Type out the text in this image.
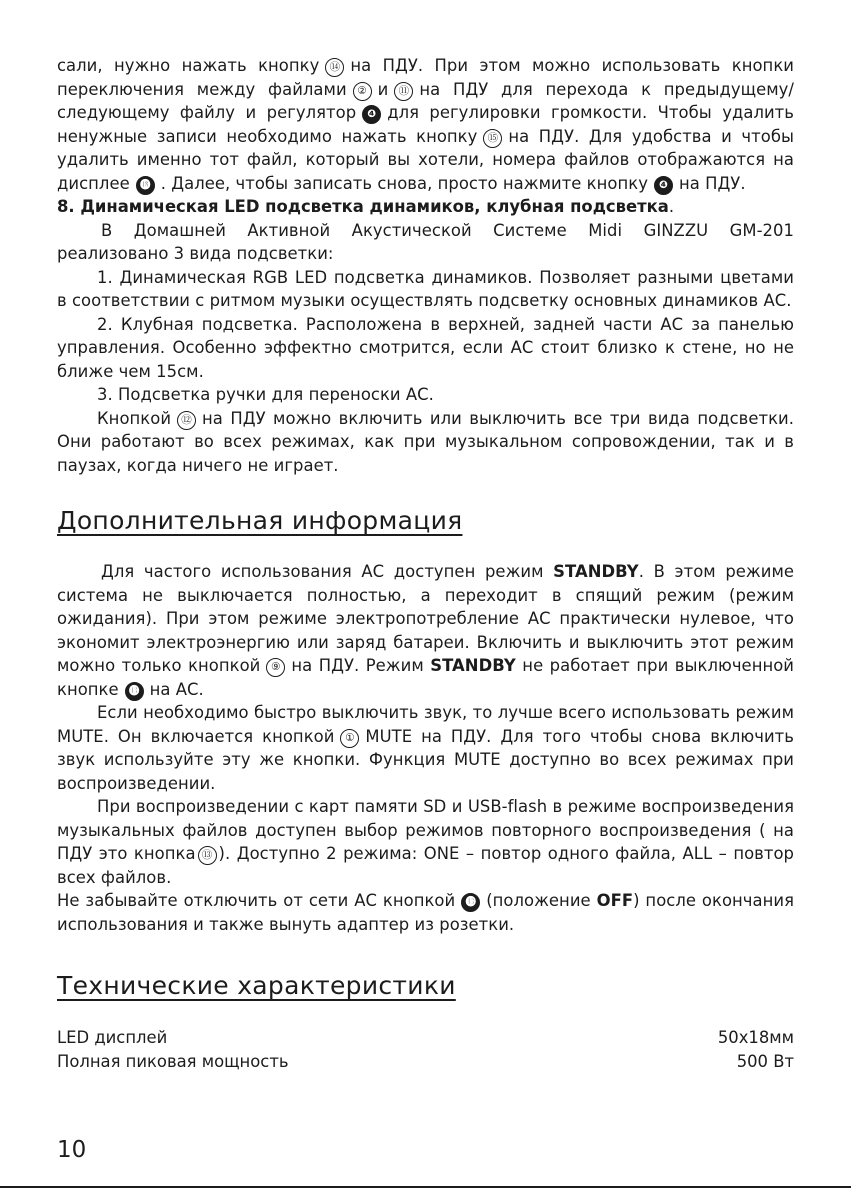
сали, нужно нажать кнопку ⑭ на ПДУ. При этом можно использовать кнопки переключения между файлами ② и ⑪ на ПДУ для перехода к предыдущему/ следующему файлу и регулятор ❹ для регулировки громкости. Чтобы удалить ненужные записи необходимо нажать кнопку ⑮ на ПДУ. Для удобства и чтобы удалить именно тот файл, который вы хотели, номера файлов отображаются на дисплее ⓲ . Далее, чтобы записать снова, просто нажмите кнопку ❹ на ПДУ.

8. Динамическая LED подсветка динамиков, клубная подсветка.

В Домашней Активной Акустической Системе Midi GINZZU GM-201 реализовано 3 вида подсветки:

1. Динамическая RGB LED подсветка динамиков. Позволяет разными цветами в соответствии с ритмом музыки осуществлять подсветку основных динамиков АС.

2. Клубная подсветка. Расположена в верхней, задней части АС за панелью управления. Особенно эффектно смотрится, если АС стоит близко к стене, но не ближе чем 15см.

3. Подсветка ручки для переноски АС.

Кнопкой ⑫ на ПДУ можно включить или выключить все три вида подсветки. Они работают во всех режимах, как при музыкальном сопровождении, так и в паузах, когда ничего не играет.

Дополнительная информация

Для частого использования АС доступен режим STANDBY. В этом режиме система не выключается полностью, а переходит в спящий режим (режим ожидания). При этом режиме электропотребление АС практически нулевое, что экономит электроэнергию или заряд батареи. Включить и выключить этот режим можно только кнопкой ⑨ на ПДУ. Режим STANDBY не работает при выключенной кнопке ⓭ на АС.

Если необходимо быстро выключить звук, то лучше всего использовать режим MUTE. Он включается кнопкой ① MUTE на ПДУ. Для того чтобы снова включить звук используйте эту же кнопки. Функция MUTE доступно во всех режимах при воспроизведении.

При воспроизведении с карт памяти SD и USB-flash в режиме воспроизведения музыкальных файлов доступен выбор режимов повторного воспроизведения ( на ПДУ это кнопка ⑬ ). Доступно 2 режима: ONE – повтор одного файла, ALL – повтор всех файлов.

Не забывайте отключить от сети АС кнопкой ⓭ (положение OFF) после окончания использования и также вынуть адаптер из розетки.

Технические характеристики
LED дисплей	50x18мм
Полная пиковая мощность	500 Вт
10
